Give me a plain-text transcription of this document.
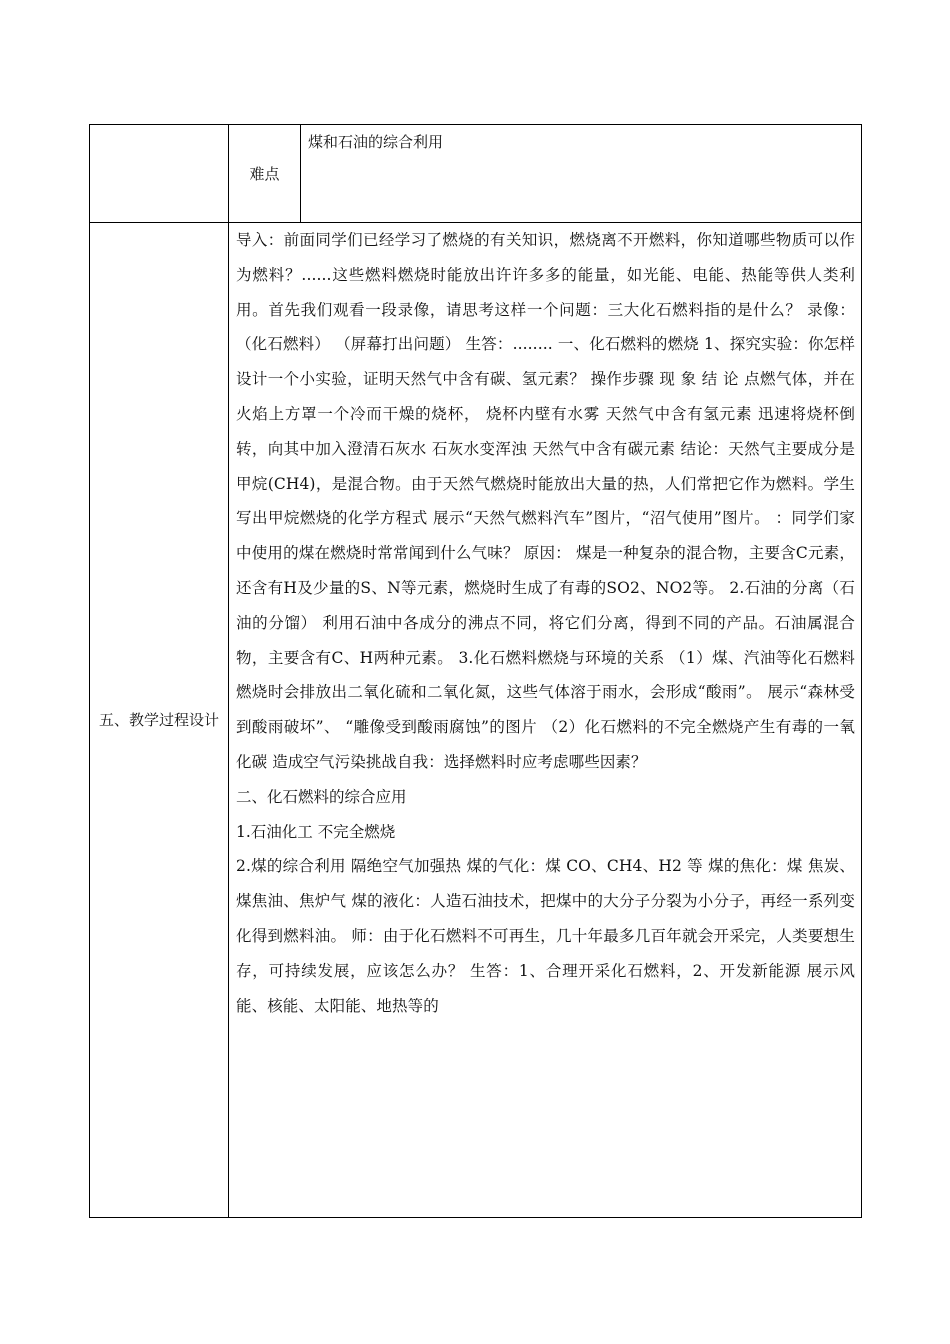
	难点	煤和石油的综合利用

五、教学过程设计	导入：前面同学们已经学习了燃烧的有关知识，燃烧离不开燃料，你知道哪些物质可以作为燃料？......这些燃料燃烧时能放出许许多多的能量，如光能、电能、热能等供人类利用。首先我们观看一段录像，请思考这样一个问题：三大化石燃料指的是什么？ 录像：（化石燃料） （屏幕打出问题） 生答：........ 一、化石燃料的燃烧 1、探究实验：你怎样设计一个小实验，证明天然气中含有碳、氢元素？ 操作步骤 现 象 结 论 点燃气体，并在火焰上方罩一个冷而干燥的烧杯， 烧杯内壁有水雾 天然气中含有氢元素 迅速将烧杯倒转，向其中加入澄清石灰水 石灰水变浑浊 天然气中含有碳元素 结论：天然气主要成分是甲烷(CH4)，是混合物。由于天然气燃烧时能放出大量的热，人们常把它作为燃料。学生写出甲烷燃烧的化学方程式 展示“天然气燃料汽车”图片，“沼气使用”图片。 ：同学们家中使用的煤在燃烧时常常闻到什么气味？ 原因： 煤是一种复杂的混合物，主要含C元素，还含有H及少量的S、N等元素，燃烧时生成了有毒的SO2、NO2等。 2.石油的分离（石油的分馏） 利用石油中各成分的沸点不同，将它们分离，得到不同的产品。石油属混合物，主要含有C、H两种元素。 3.化石燃料燃烧与环境的关系 （1）煤、汽油等化石燃料燃烧时会排放出二氧化硫和二氧化氮，这些气体溶于雨水，会形成“酸雨”。 展示“森林受到酸雨破坏”、 “雕像受到酸雨腐蚀”的图片 （2）化石燃料的不完全燃烧产生有毒的一氧化碳 造成空气污染挑战自我：选择燃料时应考虑哪些因素？

二、化石燃料的综合应用

1.石油化工 不完全燃烧

2.煤的综合利用 隔绝空气加强热 煤的气化：煤 CO、CH4、H2 等 煤的焦化：煤 焦炭、煤焦油、焦炉气 煤的液化：人造石油技术，把煤中的大分子分裂为小分子，再经一系列变化得到燃料油。 师：由于化石燃料不可再生，几十年最多几百年就会开采完，人类要想生存，可持续发展，应该怎么办？ 生答：1、合理开采化石燃料，2、开发新能源 展示风能、核能、太阳能、地热等的	
